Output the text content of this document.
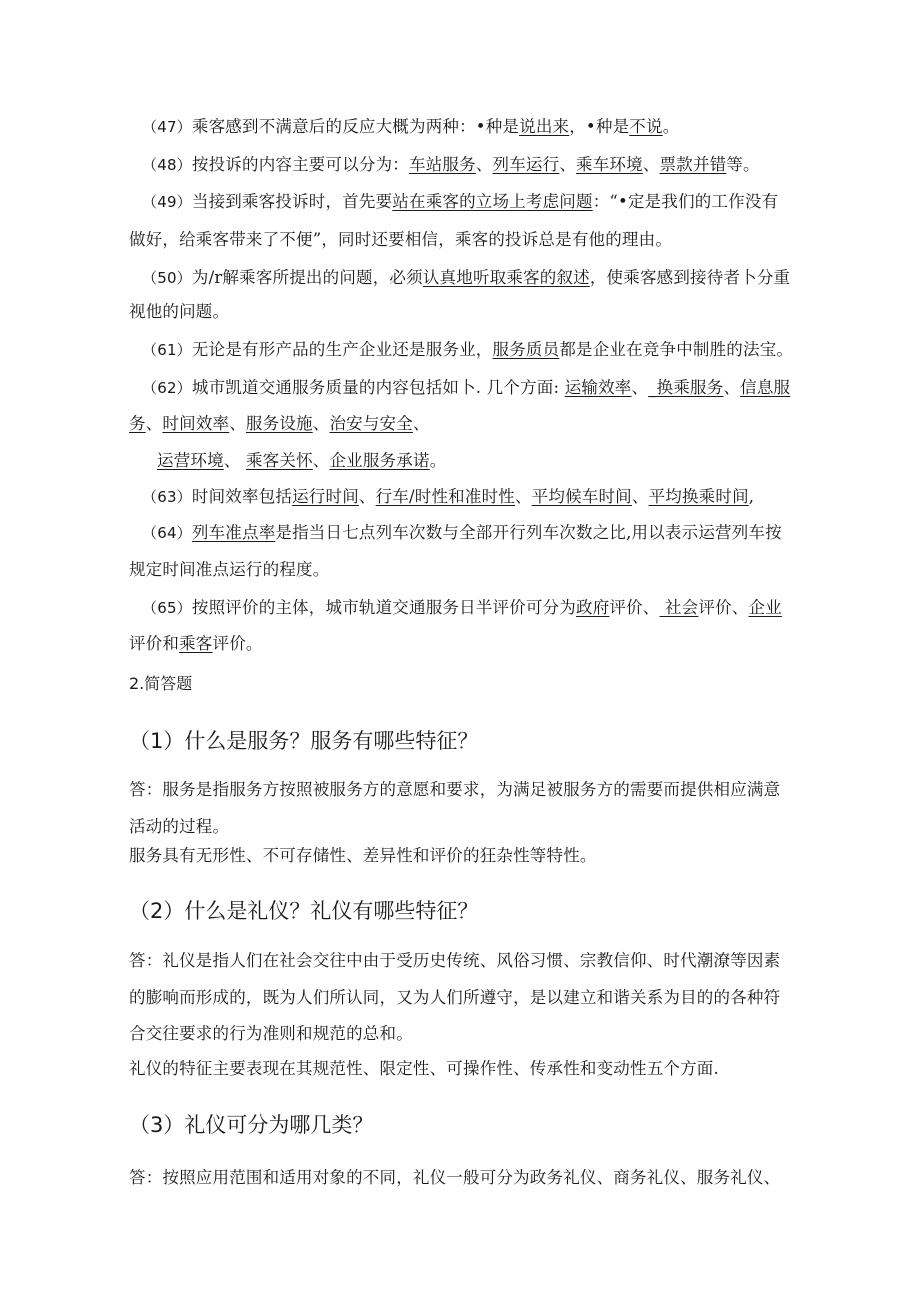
（47）乘客感到不满意后的反应大概为两种：•种是说出来，•种是不说。
（48）按投诉的内容主要可以分为：车站服务、列车运行、乘车环境、票款并错等。
（49）当接到乘客投诉时，首先要站在乘客的立场上考虑问题：“•定是我们的工作没有
做好，给乘客带来了不便”，同时还要相信，乘客的投诉总是有他的理由。
（50）为/r解乘客所提出的问题，必须认真地听取乘客的叙述，使乘客感到接待者卜分重
视他的问题。
（61）无论是有形产品的生产企业还是服务业，服务质员都是企业在竞争中制胜的法宝。
（62）城市凯道交通服务质量的内容包括如卜. 几个方面: 运输效率、_换乘服务、信息服
务、时间效率、服务设施、治安与安全、
运营环境、 乘客关怀、企业服务承诺。
（63）时间效率包括运行时间、行车/时性和准时性、平均候车时间、平均换乘时间,
（64）列车准点率是指当日七点列车次数与全部开行列车次数之比,用以表示运营列车按
规定时间准点运行的程度。
（65）按照评价的主体，城市轨道交通服务日半评价可分为政府评价、 社会评价、企业
评价和乘客评价。
2.简答题
（1）什么是服务？服务有哪些特征？
答：服务是指服务方按照被服务方的意愿和要求，为满足被服务方的需要而提供相应满意
活动的过程。
服务具有无形性、不可存储性、差异性和评价的狂杂性等特性。
（2）什么是礼仪？礼仪有哪些特征？
答：礼仪是指人们在社会交往中由于受历史传统、风俗习惯、宗教信仰、时代潮潦等因素
的膨响而形成的，既为人们所认同，又为人们所遵守，是以建立和谐关系为目的的各种符
合交往要求的行为准则和规范的总和。
礼仪的特征主要表现在其规范性、限定性、可操作性、传承性和变动性五个方面.
（3）礼仪可分为哪几类？
答：按照应用范围和适用对象的不同，礼仪一般可分为政务礼仪、商务礼仪、服务礼仪、
